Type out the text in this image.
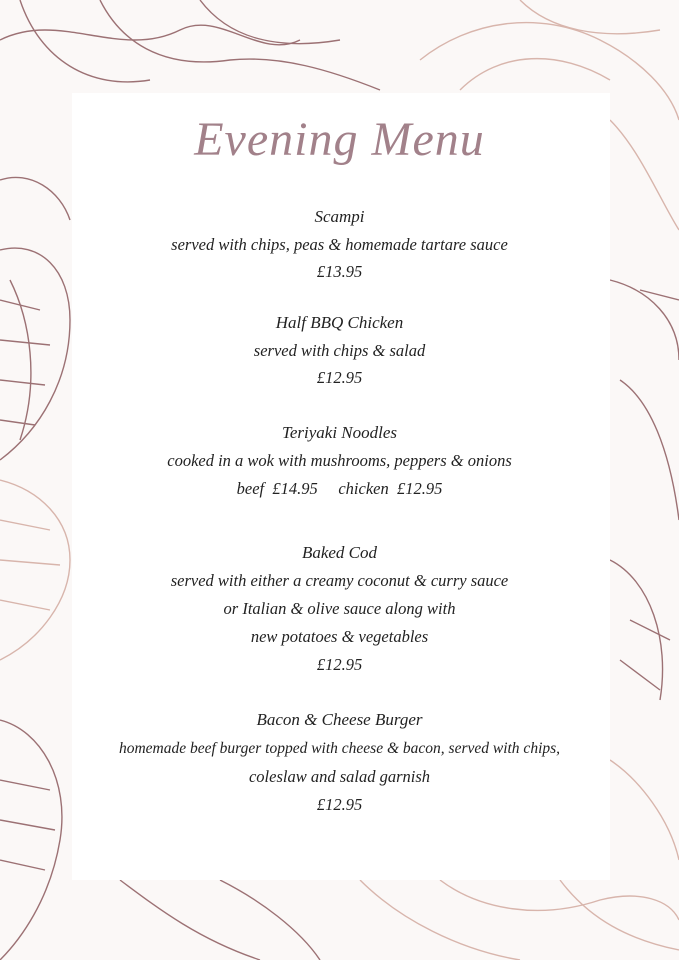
Evening Menu
Scampi
served with chips, peas & homemade tartare sauce
£13.95
Half BBQ Chicken
served with chips & salad
£12.95
Teriyaki Noodles
cooked in a wok with mushrooms, peppers & onions
beef  £14.95     chicken  £12.95
Baked Cod
served with either a creamy coconut & curry sauce
or Italian & olive sauce along with
new potatoes & vegetables
£12.95
Bacon & Cheese Burger
homemade beef burger topped with cheese & bacon, served with chips,
coleslaw and salad garnish
£12.95
